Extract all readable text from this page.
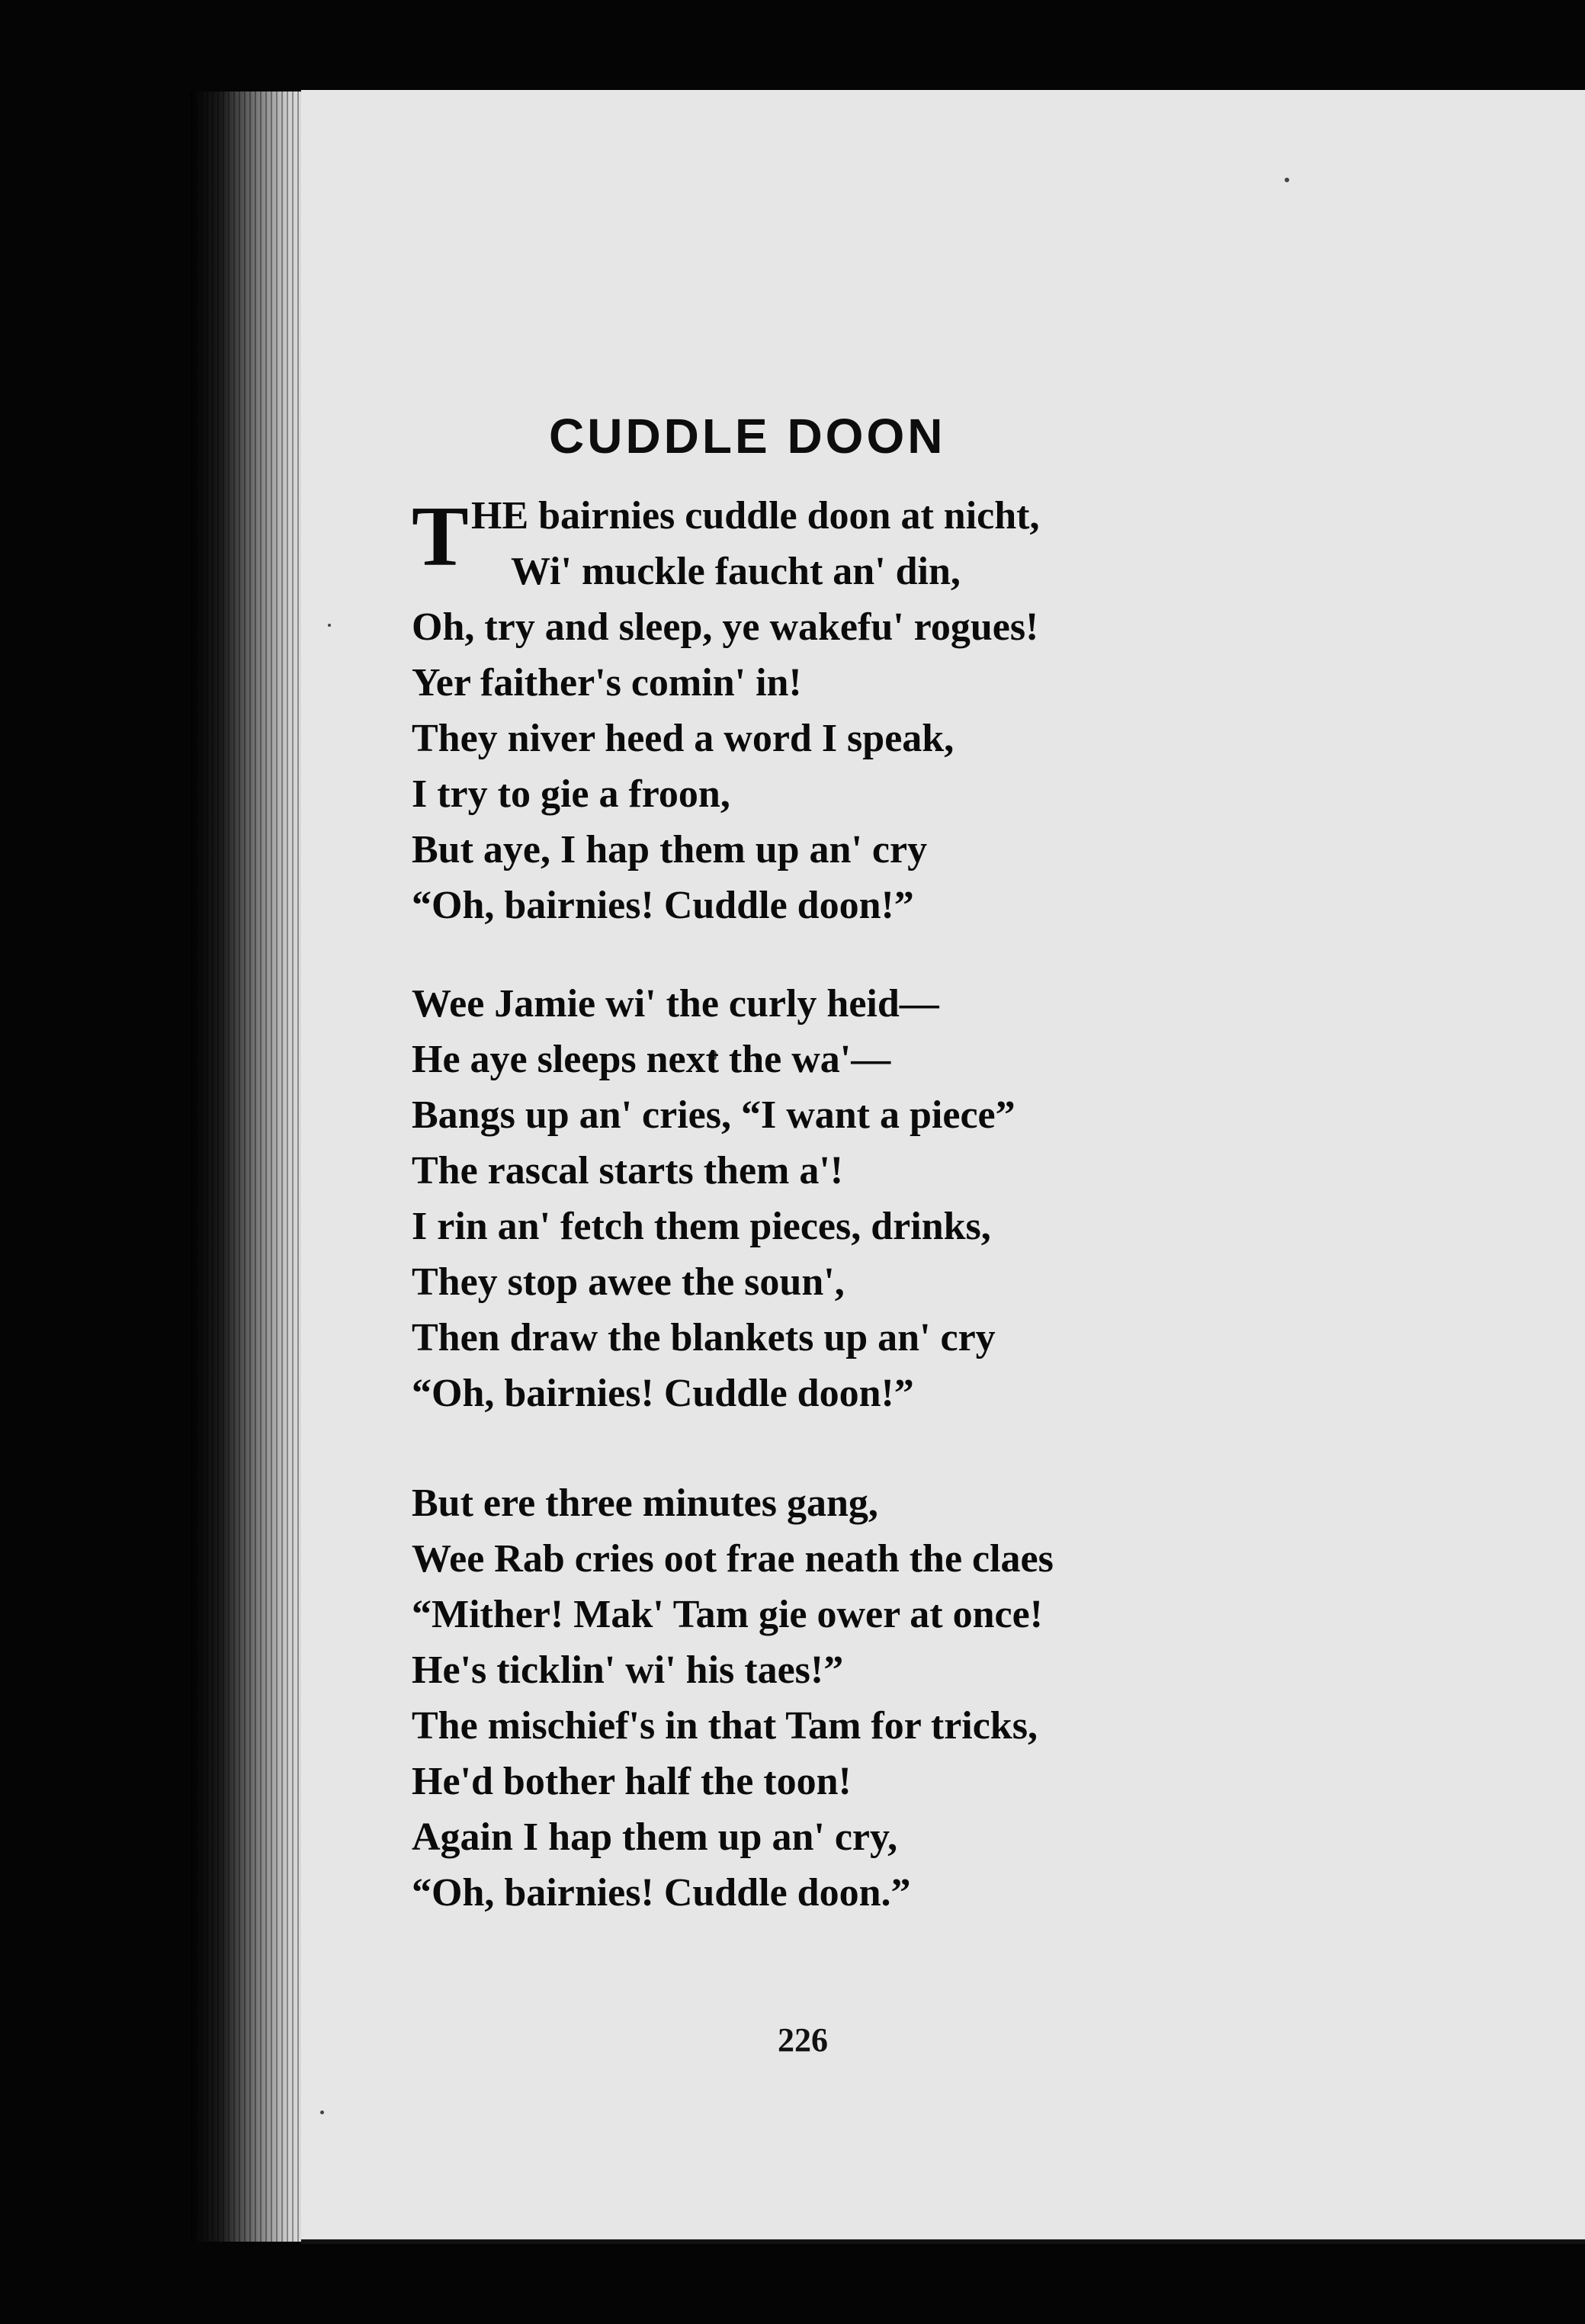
CUDDLE DOON
T HE bairnies cuddle doon at nicht,
Wi' muckle faucht an' din,
Oh, try and sleep, ye wakefu' rogues!
Yer faither's comin' in!
They niver heed a word I speak,
I try to gie a froon,
But aye, I hap them up an' cry
“Oh, bairnies! Cuddle doon!”
Wee Jamie wi' the curly heid—
He aye sleeps next the wa'—
Bangs up an' cries, “I want a piece”
The rascal starts them a'!
I rin an' fetch them pieces, drinks,
They stop awee the soun',
Then draw the blankets up an' cry
“Oh, bairnies! Cuddle doon!”
But ere three minutes gang,
Wee Rab cries oot frae neath the claes
“Mither! Mak' Tam gie ower at once!
He's ticklin' wi' his taes!”
The mischief's in that Tam for tricks,
He'd bother half the toon!
Again I hap them up an' cry,
“Oh, bairnies! Cuddle doon.”
226
